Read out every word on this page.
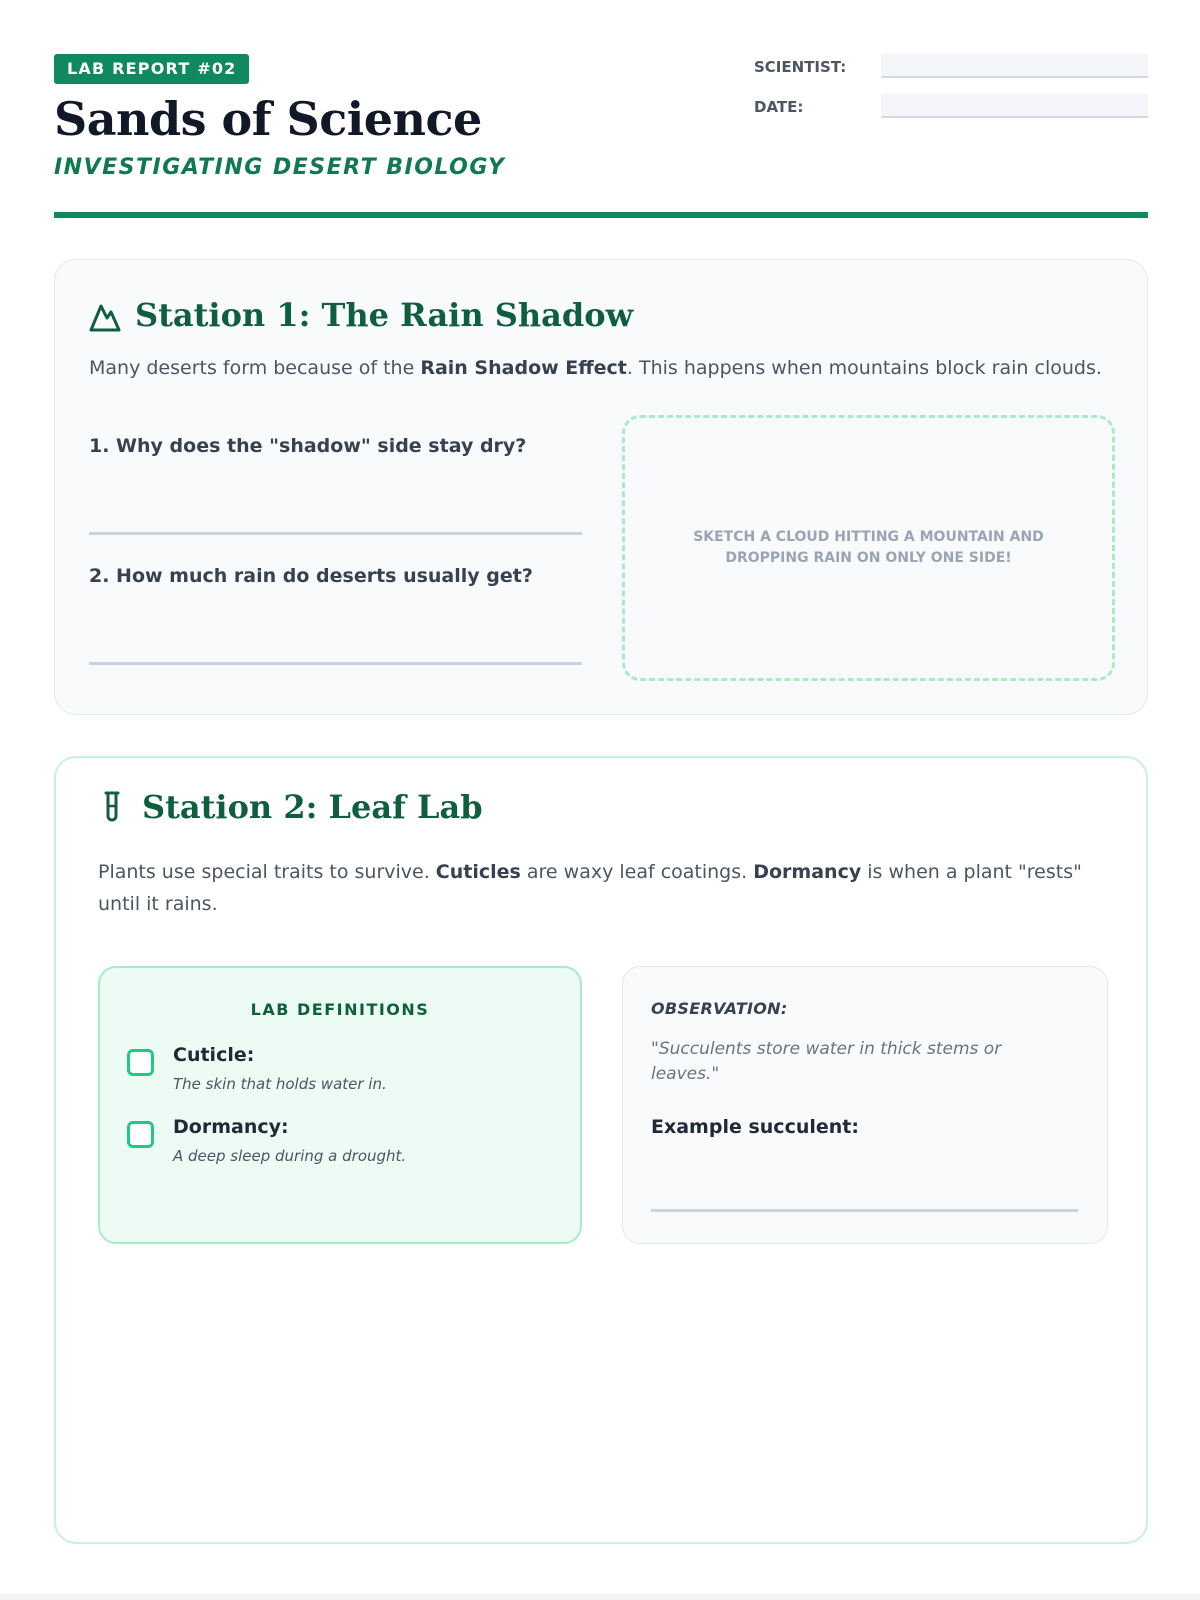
LAB REPORT #02
Sands of Science
INVESTIGATING DESERT BIOLOGY
SCIENTIST:
DATE:
Station 1: The Rain Shadow
Many deserts form because of the Rain Shadow Effect. This happens when mountains block rain clouds.
1. Why does the "shadow" side stay dry?
2. How much rain do deserts usually get?
SKETCH A CLOUD HITTING A MOUNTAIN AND DROPPING RAIN ON ONLY ONE SIDE!
Station 2: Leaf Lab
Plants use special traits to survive. Cuticles are waxy leaf coatings. Dormancy is when a plant "rests" until it rains.
LAB DEFINITIONS
Cuticle:
The skin that holds water in.
Dormancy:
A deep sleep during a drought.
OBSERVATION:
"Succulents store water in thick stems or leaves."
Example succulent:
